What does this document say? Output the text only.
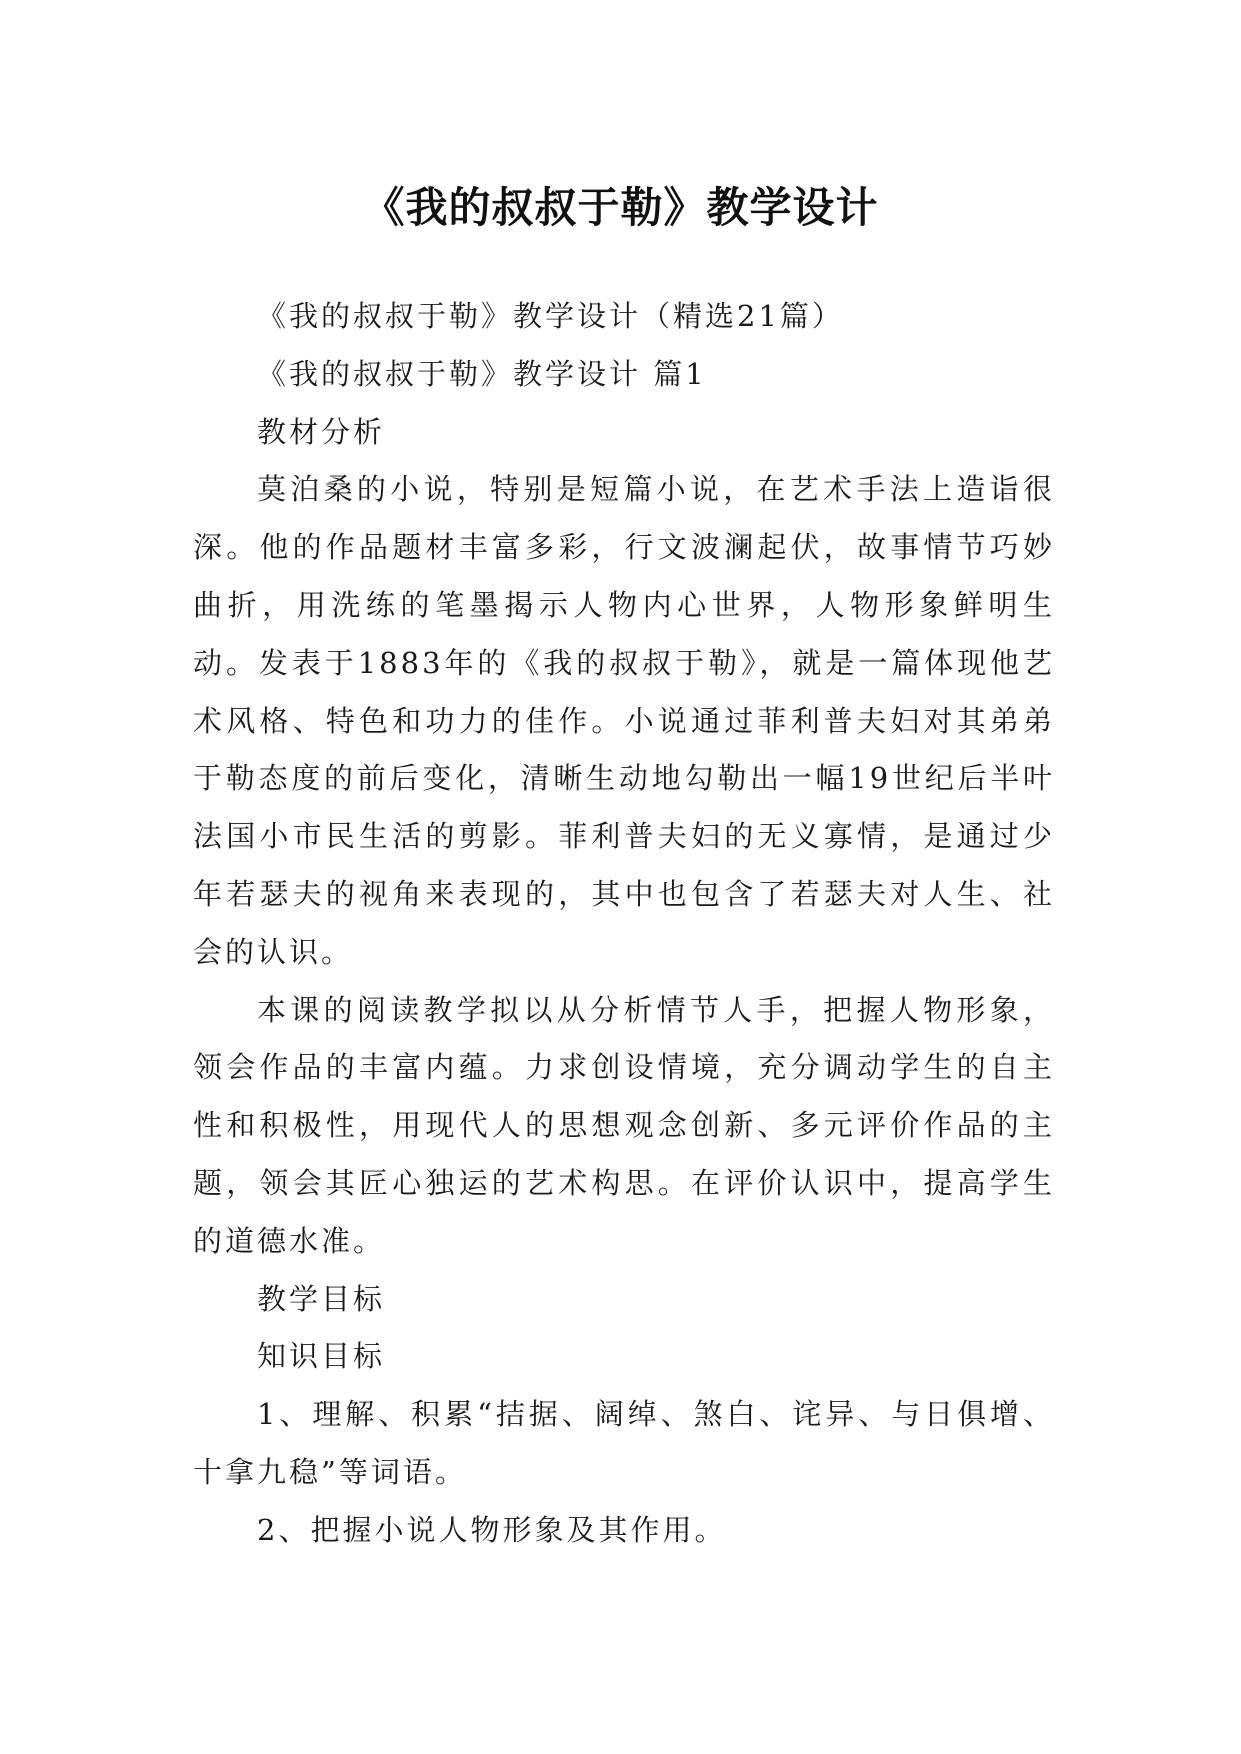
《我的叔叔于勒》教学设计

《我的叔叔于勒》教学设计（精选21篇）

《我的叔叔于勒》教学设计 篇1

教材分析

莫泊桑的小说，特别是短篇小说，在艺术手法上造诣很深。他的作品题材丰富多彩，行文波澜起伏，故事情节巧妙曲折，用洗练的笔墨揭示人物内心世界，人物形象鲜明生动。发表于1883年的《我的叔叔于勒》，就是一篇体现他艺术风格、特色和功力的佳作。小说通过菲利普夫妇对其弟弟于勒态度的前后变化，清晰生动地勾勒出一幅19世纪后半叶法国小市民生活的剪影。菲利普夫妇的无义寡情，是通过少年若瑟夫的视角来表现的，其中也包含了若瑟夫对人生、社会的认识。

本课的阅读教学拟以从分析情节人手，把握人物形象，领会作品的丰富内蕴。力求创设情境，充分调动学生的自主性和积极性，用现代人的思想观念创新、多元评价作品的主题，领会其匠心独运的艺术构思。在评价认识中，提高学生的道德水准。

教学目标

知识目标

1、理解、积累“拮据、阔绰、煞白、诧异、与日俱增、十拿九稳”等词语。

2、把握小说人物形象及其作用。
